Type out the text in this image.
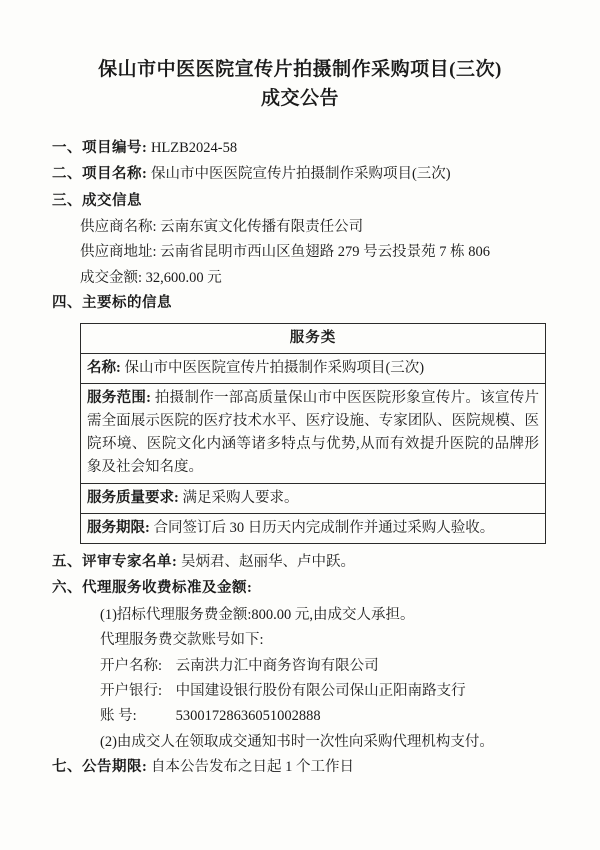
保山市中医医院宣传片拍摄制作采购项目(三次)
成交公告
一、项目编号: HLZB2024-58
二、项目名称: 保山市中医医院宣传片拍摄制作采购项目(三次)
三、成交信息
供应商名称: 云南东寅文化传播有限责任公司
供应商地址: 云南省昆明市西山区鱼翅路 279 号云投景苑 7 栋 806
成交金额: 32,600.00 元
四、主要标的信息
服务类
名称: 保山市中医医院宣传片拍摄制作采购项目(三次)
服务范围: 拍摄制作一部高质量保山市中医医院形象宣传片。该宣传片需全面展示医院的医疗技术水平、医疗设施、专家团队、医院规模、医院环境、医院文化内涵等诸多特点与优势,从而有效提升医院的品牌形象及社会知名度。
服务质量要求: 满足采购人要求。
服务期限: 合同签订后 30 日历天内完成制作并通过采购人验收。
五、评审专家名单: 吴炳君、赵丽华、卢中跃。
六、代理服务收费标准及金额:
(1)招标代理服务费金额:800.00 元,由成交人承担。
代理服务费交款账号如下:
开户名称: 云南洪力汇中商务咨询有限公司
开户银行: 中国建设银行股份有限公司保山正阳南路支行
账 号:	53001728636051002888
(2)由成交人在领取成交通知书时一次性向采购代理机构支付。
七、公告期限: 自本公告发布之日起 1 个工作日
